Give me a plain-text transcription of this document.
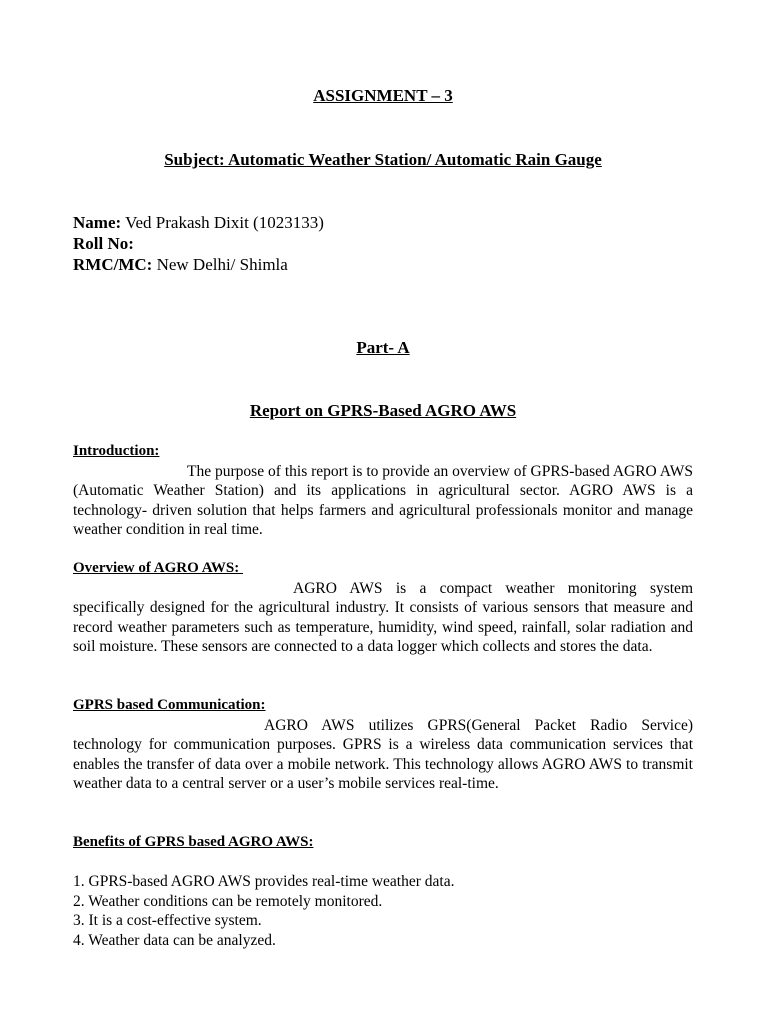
ASSIGNMENT – 3
Subject: Automatic Weather Station/ Automatic Rain Gauge
Name: Ved Prakash Dixit (1023133)
Roll No:
RMC/MC: New Delhi/ Shimla
Part- A
Report on GPRS-Based AGRO AWS

Introduction:

The purpose of this report is to provide an overview of GPRS-based AGRO AWS (Automatic Weather Station) and its applications in agricultural sector. AGRO AWS is a technology- driven solution that helps farmers and agricultural professionals monitor and manage weather condition in real time.

Overview of AGRO AWS:

AGRO AWS is a compact weather monitoring system specifically designed for the agricultural industry. It consists of various sensors that measure and record weather parameters such as temperature, humidity, wind speed, rainfall, solar radiation and soil moisture. These sensors are connected to a data logger which collects and stores the data.

GPRS based Communication:

AGRO AWS utilizes GPRS(General Packet Radio Service) technology for communication purposes. GPRS is a wireless data communication services that enables the transfer of data over a mobile network. This technology allows AGRO AWS to transmit weather data to a central server or a user’s mobile services real-time.

Benefits of GPRS based AGRO AWS:

1. GPRS-based AGRO AWS provides real-time weather data.
2. Weather conditions can be remotely monitored.
3. It is a cost-effective system.
4. Weather data can be analyzed.
